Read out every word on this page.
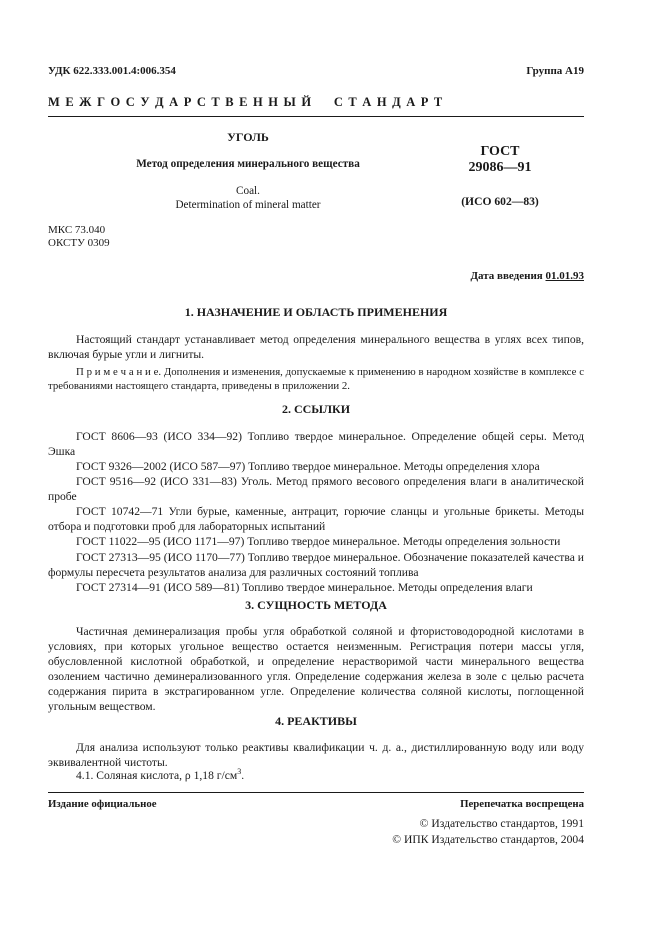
УДК 622.333.001.4:006.354	Группа А19
М Е Ж Г О С У Д А Р С Т В Е Н Н Ы Й     С Т А Н Д А Р Т
УГОЛЬ
Метод определения минерального вещества
Coal.
Determination of mineral matter
ГОСТ
29086—91
(ИСО 602—83)
МКС 73.040
ОКСТУ 0309
Дата введения 01.01.93
1. НАЗНАЧЕНИЕ И ОБЛАСТЬ ПРИМЕНЕНИЯ
Настоящий стандарт устанавливает метод определения минерального вещества в углях всех типов, включая бурые угли и лигниты.
П р и м е ч а н и е. Дополнения и изменения, допускаемые к применению в народном хозяйстве в комплексе с требованиями настоящего стандарта, приведены в приложении 2.
2. ССЫЛКИ
ГОСТ 8606—93 (ИСО 334—92) Топливо твердое минеральное. Определение общей серы. Метод Эшка
ГОСТ 9326—2002 (ИСО 587—97) Топливо твердое минеральное. Методы определения хлора
ГОСТ 9516—92 (ИСО 331—83) Уголь. Метод прямого весового определения влаги в аналитической пробе
ГОСТ 10742—71 Угли бурые, каменные, антрацит, горючие сланцы и угольные брикеты. Методы отбора и подготовки проб для лабораторных испытаний
ГОСТ 11022—95 (ИСО 1171—97) Топливо твердое минеральное. Методы определения зольности
ГОСТ 27313—95 (ИСО 1170—77) Топливо твердое минеральное. Обозначение показателей качества и формулы пересчета результатов анализа для различных состояний топлива
ГОСТ 27314—91 (ИСО 589—81) Топливо твердое минеральное. Методы определения влаги
3. СУЩНОСТЬ МЕТОДА
Частичная деминерализация пробы угля обработкой соляной и фтористоводородной кислотами в условиях, при которых угольное вещество остается неизменным. Регистрация потери массы угля, обусловленной кислотной обработкой, и определение нерастворимой части минерального вещества озолением частично деминерализованного угля. Определение содержания железа в золе с целью расчета содержания пирита в экстрагированном угле. Определение количества соляной кислоты, поглощенной угольным веществом.
4. РЕАКТИВЫ
Для анализа используют только реактивы квалификации ч. д. а., дистиллированную воду или воду эквивалентной чистоты.
4.1. Соляная кислота, ρ 1,18 $г/см^3$.
Издание официальное	Перепечатка воспрещена
© Издательство стандартов, 1991
© ИПК Издательство стандартов, 2004
